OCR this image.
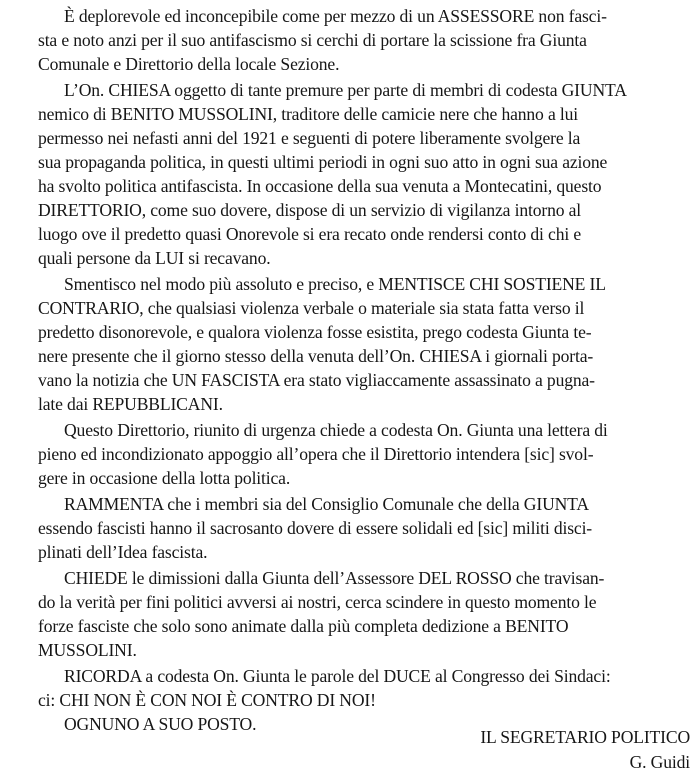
È deplorevole ed inconcepibile come per mezzo di un ASSESSORE non fasci-
sta e noto anzi per il suo antifascismo si cerchi di portare la scissione fra Giunta
Comunale e Direttorio della locale Sezione.
L’On. CHIESA oggetto di tante premure per parte di membri di codesta GIUNTA
nemico di BENITO MUSSOLINI, traditore delle camicie nere che hanno a lui
permesso nei nefasti anni del 1921 e seguenti di potere liberamente svolgere la
sua propaganda politica, in questi ultimi periodi in ogni suo atto in ogni sua azione
ha svolto politica antifascista. In occasione della sua venuta a Montecatini, questo
DIRETTORIO, come suo dovere, dispose di un servizio di vigilanza intorno al
luogo ove il predetto quasi Onorevole si era recato onde rendersi conto di chi e
quali persone da LUI si recavano.
Smentisco nel modo più assoluto e preciso, e MENTISCE CHI SOSTIENE IL
CONTRARIO, che qualsiasi violenza verbale o materiale sia stata fatta verso il
predetto disonorevole, e qualora violenza fosse esistita, prego codesta Giunta te-
nere presente che il giorno stesso della venuta dell’On. CHIESA i giornali porta-
vano la notizia che UN FASCISTA era stato vigliaccamente assassinato a pugna-
late dai REPUBBLICANI.
Questo Direttorio, riunito di urgenza chiede a codesta On. Giunta una lettera di
pieno ed incondizionato appoggio all’opera che il Direttorio intendera [sic] svol-
gere in occasione della lotta politica.
RAMMENTA che i membri sia del Consiglio Comunale che della GIUNTA
essendo fascisti hanno il sacrosanto dovere di essere solidali ed [sic] militi disci-
plinati dell’Idea fascista.
CHIEDE le dimissioni dalla Giunta dell’Assessore DEL ROSSO che travisan-
do la verità per fini politici avversi ai nostri, cerca scindere in questo momento le
forze fasciste che solo sono animate dalla più completa dedizione a BENITO
MUSSOLINI.
RICORDA a codesta On. Giunta le parole del DUCE al Congresso dei Sindaci:
ci: CHI NON È CON NOI È CONTRO DI NOI!
OGNUNO A SUO POSTO.
IL SEGRETARIO POLITICO
G. Guidi
